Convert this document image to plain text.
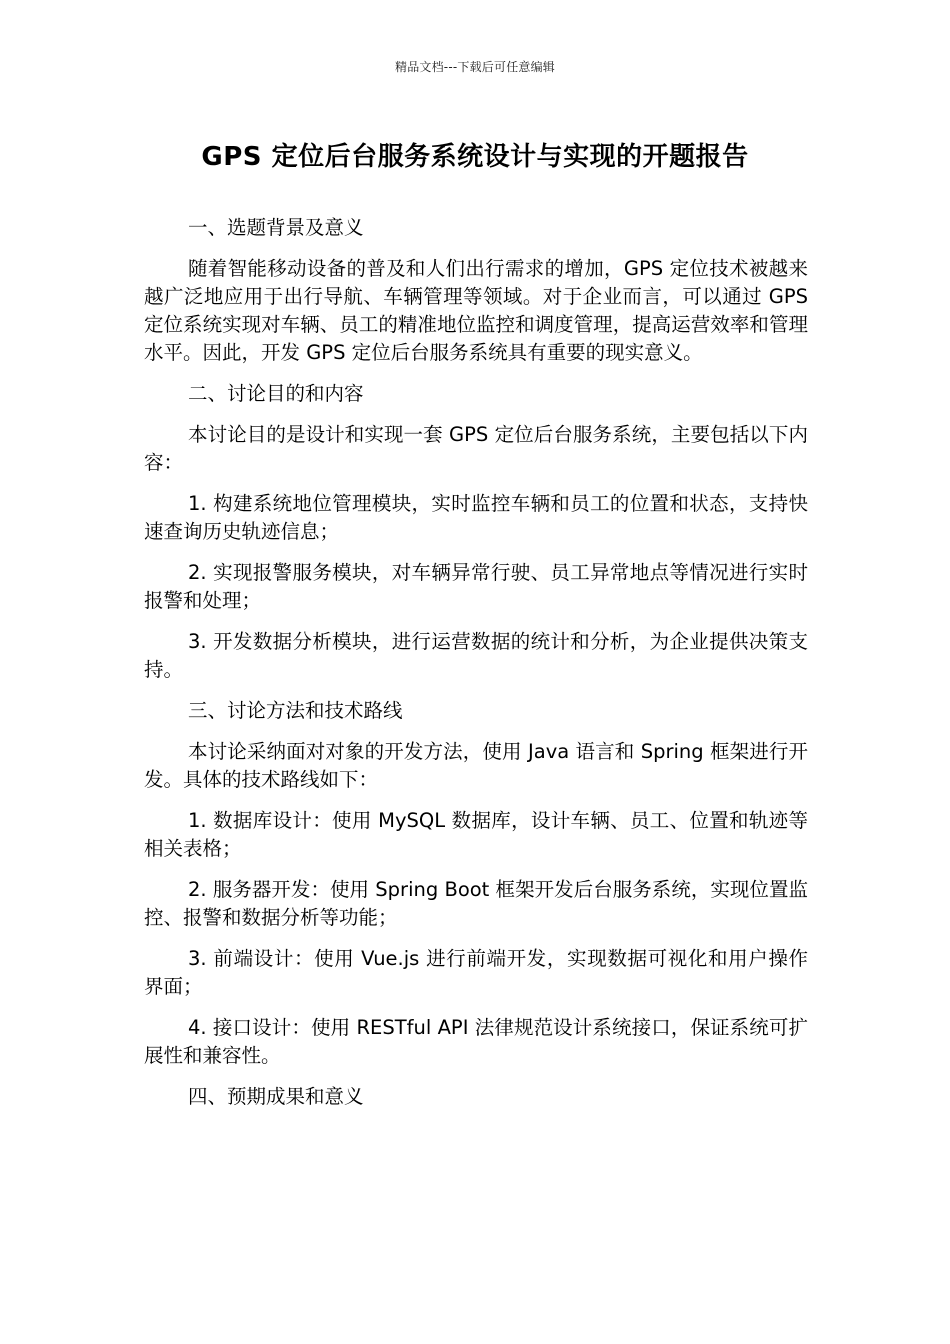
精品文档---下载后可任意编辑
GPS 定位后台服务系统设计与实现的开题报告

一、选题背景及意义

随着智能移动设备的普及和人们出行需求的增加，GPS 定位技术被越来越广泛地应用于出行导航、车辆管理等领域。对于企业而言，可以通过 GPS 定位系统实现对车辆、员工的精准地位监控和调度管理，提高运营效率和管理水平。因此，开发 GPS 定位后台服务系统具有重要的现实意义。

二、讨论目的和内容

本讨论目的是设计和实现一套 GPS 定位后台服务系统，主要包括以下内容：

1. 构建系统地位管理模块，实时监控车辆和员工的位置和状态，支持快速查询历史轨迹信息；

2. 实现报警服务模块，对车辆异常行驶、员工异常地点等情况进行实时报警和处理；

3. 开发数据分析模块，进行运营数据的统计和分析，为企业提供决策支持。

三、讨论方法和技术路线

本讨论采纳面对对象的开发方法，使用 Java 语言和 Spring 框架进行开发。具体的技术路线如下：

1. 数据库设计：使用 MySQL 数据库，设计车辆、员工、位置和轨迹等相关表格；

2. 服务器开发：使用 Spring Boot 框架开发后台服务系统，实现位置监控、报警和数据分析等功能；

3. 前端设计：使用 Vue.js 进行前端开发，实现数据可视化和用户操作界面；

4. 接口设计：使用 RESTful API 法律规范设计系统接口，保证系统可扩展性和兼容性。

四、预期成果和意义
